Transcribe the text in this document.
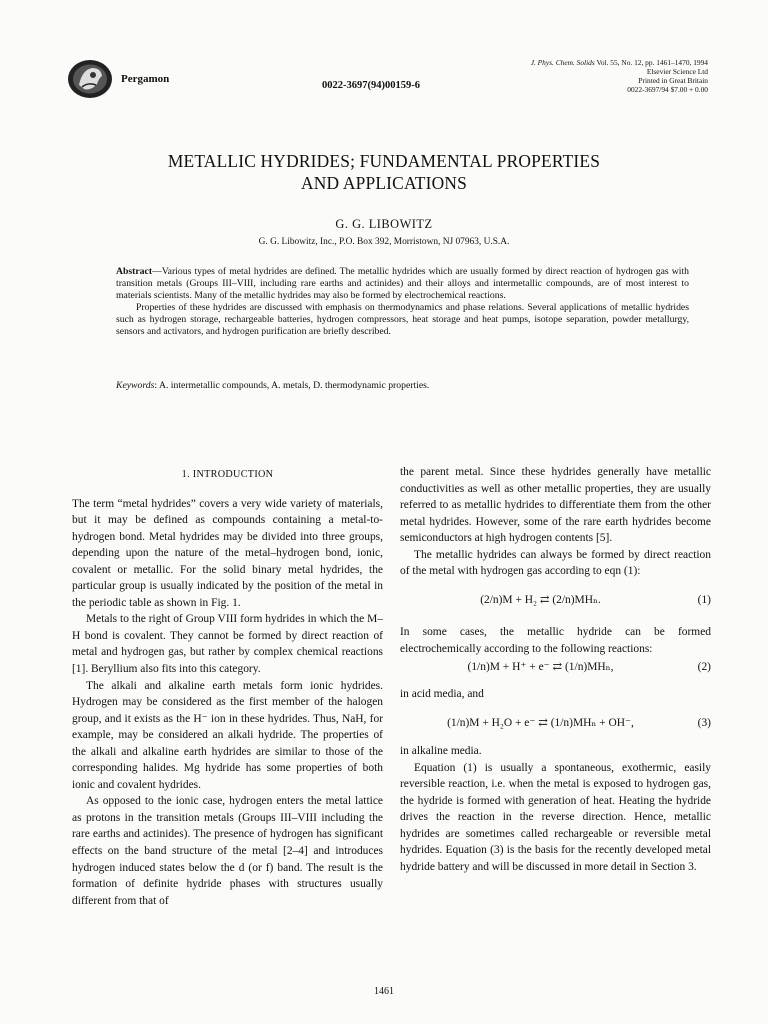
Pergamon
0022-3697(94)00159-6
J. Phys. Chem. Solids Vol. 55, No. 12, pp. 1461–1470, 1994
Elsevier Science Ltd
Printed in Great Britain
0022-3697/94 $7.00 + 0.00
METALLIC HYDRIDES; FUNDAMENTAL PROPERTIES
AND APPLICATIONS
G. G. LIBOWITZ
G. G. Libowitz, Inc., P.O. Box 392, Morristown, NJ 07963, U.S.A.

Abstract—Various types of metal hydrides are defined. The metallic hydrides which are usually formed by direct reaction of hydrogen gas with transition metals (Groups III–VIII, including rare earths and actinides) and their alloys and intermetallic compounds, are of most interest to materials scientists. Many of the metallic hydrides may also be formed by electrochemical reactions.

Properties of these hydrides are discussed with emphasis on thermodynamics and phase relations. Several applications of metallic hydrides such as hydrogen storage, rechargeable batteries, hydrogen compressors, heat storage and heat pumps, isotope separation, powder metallurgy, sensors and activators, and hydrogen purification are briefly described.

Keywords: A. intermetallic compounds, A. metals, D. thermodynamic properties.
1. INTRODUCTION

The term “metal hydrides” covers a very wide variety of materials, but it may be defined as compounds containing a metal-to-hydrogen bond. Metal hydrides may be divided into three groups, depending upon the nature of the metal–hydrogen bond, ionic, covalent or metallic. For the solid binary metal hydrides, the particular group is usually indicated by the position of the metal in the periodic table as shown in Fig. 1.

Metals to the right of Group VIII form hydrides in which the M–H bond is covalent. They cannot be formed by direct reaction of metal and hydrogen gas, but rather by complex chemical reactions [1]. Beryllium also fits into this category.

The alkali and alkaline earth metals form ionic hydrides. Hydrogen may be considered as the first member of the halogen group, and it exists as the H⁻ ion in these hydrides. Thus, NaH, for example, may be considered an alkali hydride. The properties of the alkali and alkaline earth hydrides are similar to those of the corresponding halides. Mg hydride has some properties of both ionic and covalent hydrides.

As opposed to the ionic case, hydrogen enters the metal lattice as protons in the transition metals (Groups III–VIII including the rare earths and actinides). The presence of hydrogen has significant effects on the band structure of the metal [2–4] and introduces hydrogen induced states below the d (or f) band. The result is the formation of definite hydride phases with structures usually different from that of

the parent metal. Since these hydrides generally have metallic conductivities as well as other metallic properties, they are usually referred to as metallic hydrides to differentiate them from the other metal hydrides. However, some of the rare earth hydrides become semiconductors at high hydrogen contents [5].

The metallic hydrides can always be formed by direct reaction of the metal with hydrogen gas according to eqn (1):

(2/n)M + H₂ ⇄ (2/n)MHₙ.	(1)

In some cases, the metallic hydride can be formed electrochemically according to the following reactions:

(1/n)M + H⁺ + e⁻ ⇄ (1/n)MHₙ,	(2)

in acid media, and

(1/n)M + H₂O + e⁻ ⇄ (1/n)MHₙ + OH⁻,	(3)

in alkaline media.

Equation (1) is usually a spontaneous, exothermic, easily reversible reaction, i.e. when the metal is exposed to hydrogen gas, the hydride is formed with generation of heat. Heating the hydride drives the reaction in the reverse direction. Hence, metallic hydrides are sometimes called rechargeable or reversible metal hydrides. Equation (3) is the basis for the recently developed metal hydride battery and will be discussed in more detail in Section 3.

1461
